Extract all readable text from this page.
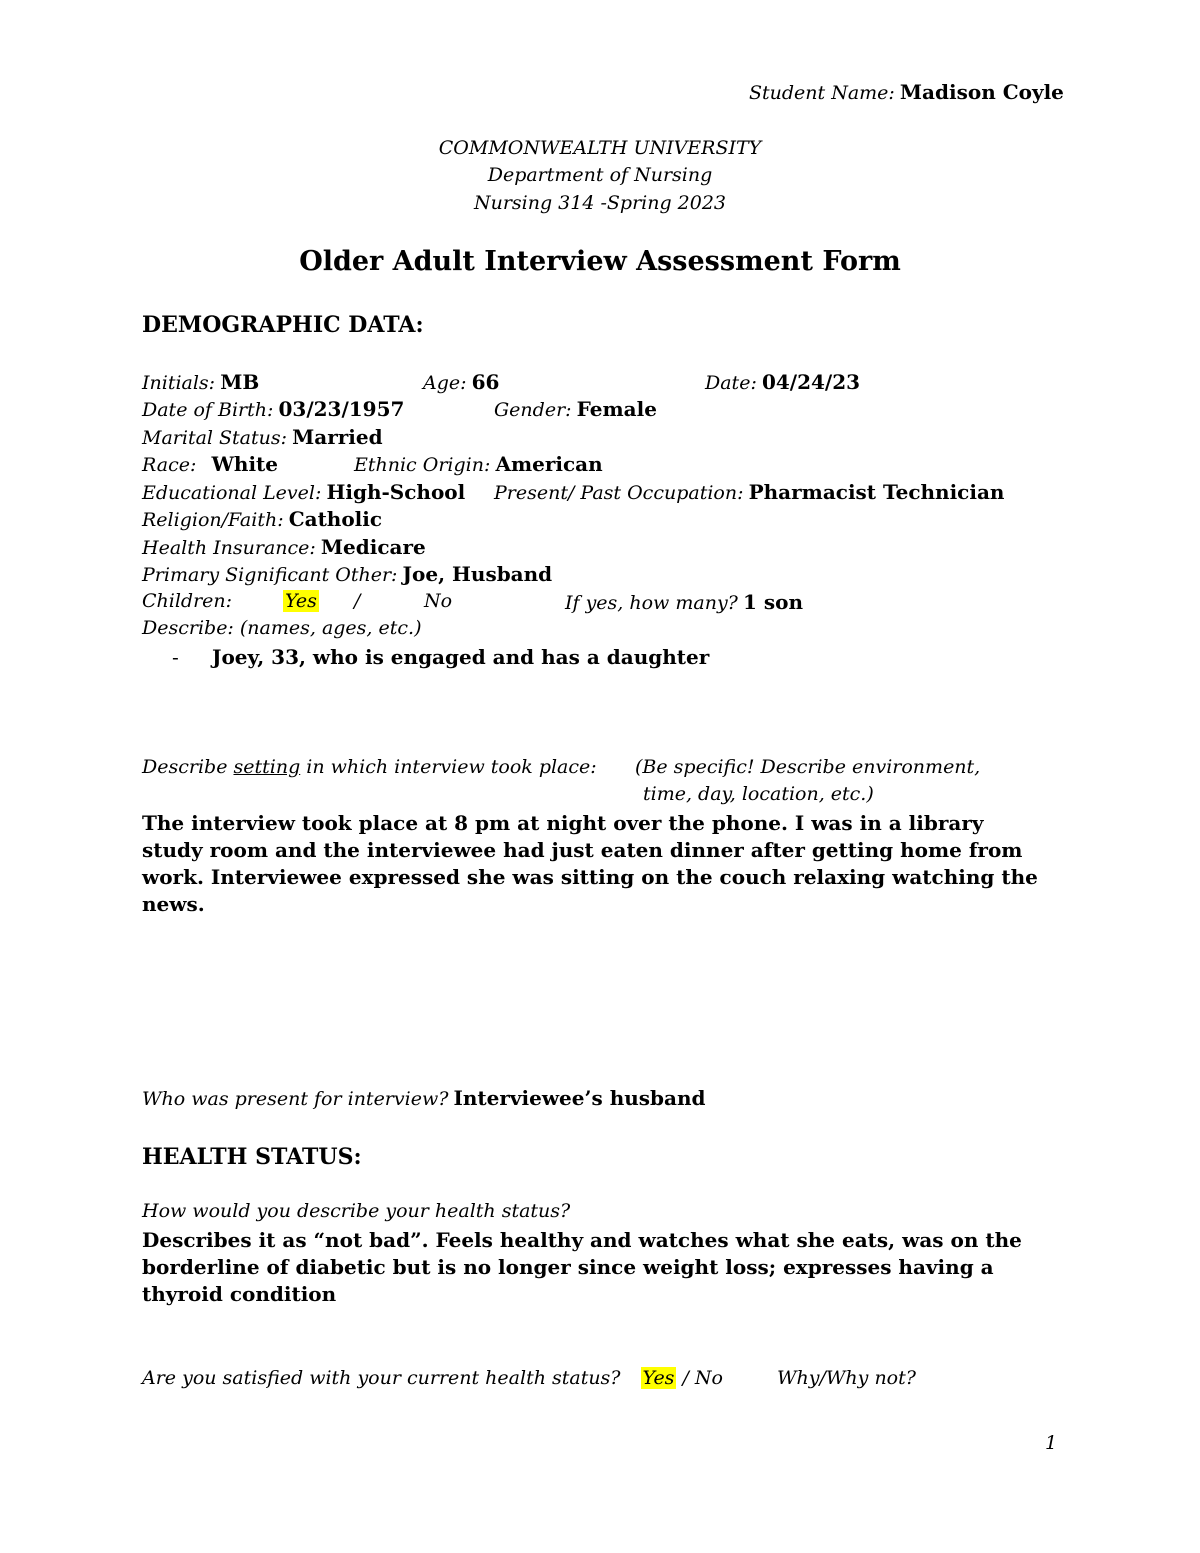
Student Name: Madison Coyle
COMMONWEALTH UNIVERSITY
Department of Nursing
Nursing 314 -Spring 2023
Older Adult Interview Assessment Form
DEMOGRAPHIC DATA:
Initials: MB	Age: 66	Date: 04/24/23
Date of Birth: 03/23/1957	Gender: Female
Marital Status: Married
Race: White	Ethnic Origin: American
Educational Level: High-School Present/ Past Occupation: Pharmacist Technician
Religion/Faith: Catholic
Health Insurance: Medicare
Primary Significant Other: Joe, Husband
Children:	Yes /	No	If yes, how many? 1 son
Describe: (names, ages, etc.)
- Joey, 33, who is engaged and has a daughter
Describe setting in which interview took place: (Be specific! Describe environment,
time, day, location, etc.)
The interview took place at 8 pm at night over the phone. I was in a library study room and the interviewee had just eaten dinner after getting home from work. Interviewee expressed she was sitting on the couch relaxing watching the news.
Who was present for interview? Interviewee’s husband
HEALTH STATUS:
How would you describe your health status?
Describes it as “not bad”. Feels healthy and watches what she eats, was on the borderline of diabetic but is no longer since weight loss; expresses having a thyroid condition
Are you satisfied with your current health status? Yes / No	Why/Why not?
1
